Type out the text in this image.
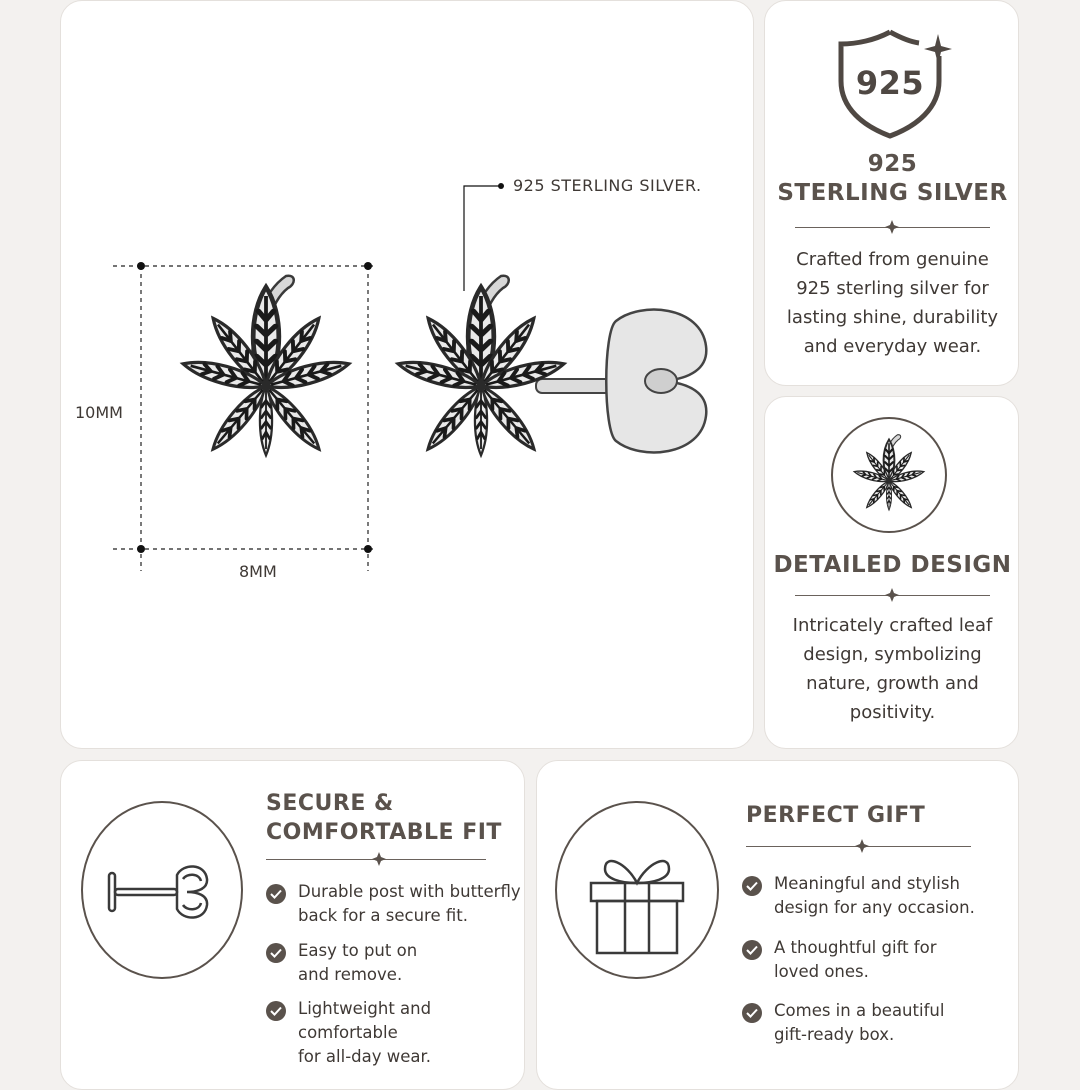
925 STERLING SILVER.
10MM
8MM
925
925
STERLING SILVER
Crafted from genuine
925 sterling silver for
lasting shine, durability
and everyday wear.
DETAILED DESIGN
Intricately crafted leaf
design, symbolizing
nature, growth and
positivity.
SECURE &
COMFORTABLE FIT
Durable post with butterfly
back for a secure fit.
Easy to put on
and remove.
Lightweight and comfortable
for all-day wear.
PERFECT GIFT
Meaningful and stylish
design for any occasion.
A thoughtful gift for
loved ones.
Comes in a beautiful
gift-ready box.
